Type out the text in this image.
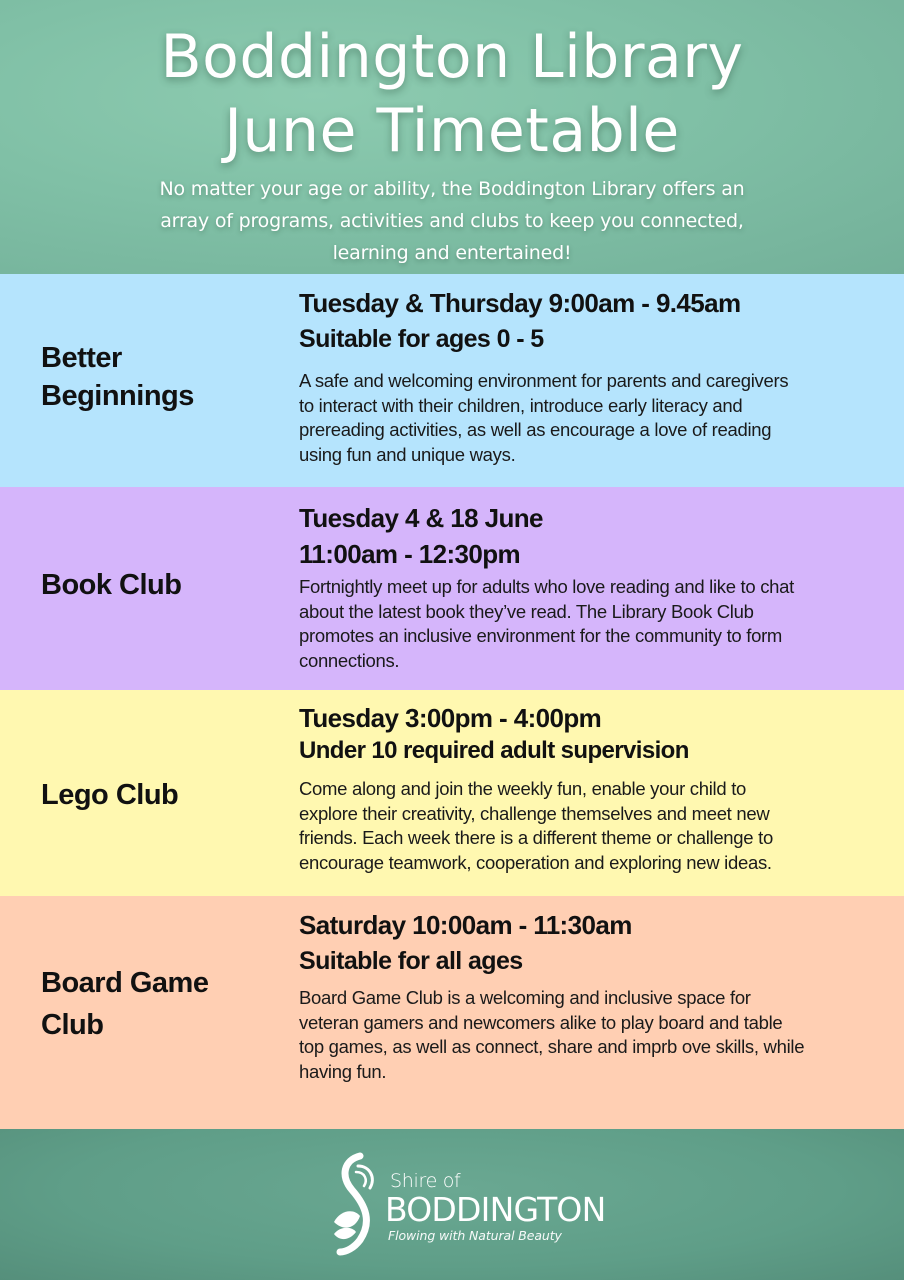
Boddington Library
June Timetable
No matter your age or ability, the Boddington Library offers an
array of programs, activities and clubs to keep you connected,
learning and entertained!
Better
Beginnings
Tuesday & Thursday 9:00am - 9.45am
Suitable for ages 0 - 5
A safe and welcoming environment for parents and caregivers
to interact with their children, introduce early literacy and
prereading activities, as well as encourage a love of reading
using fun and unique ways.
Book Club
Tuesday 4 & 18 June
11:00am - 12:30pm
Fortnightly meet up for adults who love reading and like to chat
about the latest book they’ve read. The Library Book Club
promotes an inclusive environment for the community to form
connections.
Lego Club
Tuesday 3:00pm - 4:00pm
Under 10 required adult supervision
Come along and join the weekly fun, enable your child to
explore their creativity, challenge themselves and meet new
friends. Each week there is a different theme or challenge to
encourage teamwork, cooperation and exploring new ideas.
Board Game
Club
Saturday 10:00am - 11:30am
Suitable for all ages
Board Game Club is a welcoming and inclusive space for
veteran gamers and newcomers alike to play board and table
top games, as well as connect, share and imprb ove skills, while
having fun.
Shire of
BODDINGTON
Flowing with Natural Beauty
